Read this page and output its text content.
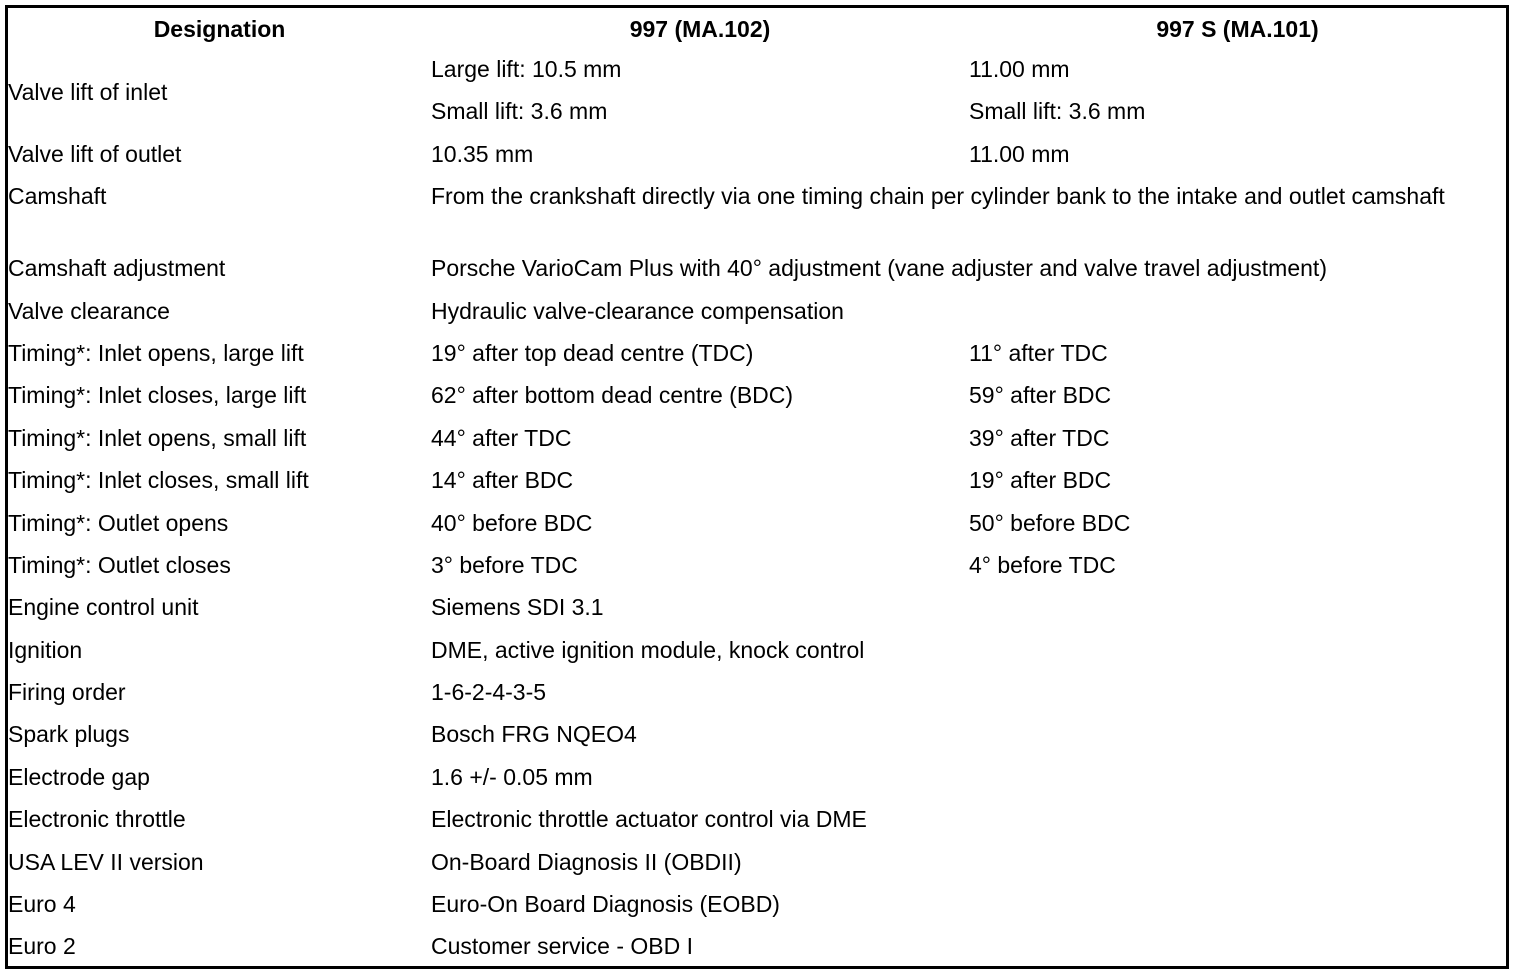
Designation	997 (MA.102)	997 S (MA.101)
Valve lift of inlet	Large lift: 10.5 mm	11.00 mm
	Small lift: 3.6 mm	Small lift: 3.6 mm
Valve lift of outlet	10.35 mm	11.00 mm
Camshaft	From the crankshaft directly via one timing chain per cylinder bank to the intake and outlet camshaft	
Camshaft adjustment	Porsche VarioCam Plus with 40° adjustment (vane adjuster and valve travel adjustment)	
Valve clearance	Hydraulic valve-clearance compensation	
Timing*: Inlet opens, large lift	19° after top dead centre (TDC)	11° after TDC
Timing*: Inlet closes, large lift	62° after bottom dead centre (BDC)	59° after BDC
Timing*: Inlet opens, small lift	44° after TDC	39° after TDC
Timing*: Inlet closes, small lift	14° after BDC	19° after BDC
Timing*: Outlet opens	40° before BDC	50° before BDC
Timing*: Outlet closes	3° before TDC	4° before TDC
Engine control unit	Siemens SDI 3.1	
Ignition	DME, active ignition module, knock control	
Firing order	1-6-2-4-3-5	
Spark plugs	Bosch FRG NQEO4	
Electrode gap	1.6 +/- 0.05 mm	
Electronic throttle	Electronic throttle actuator control via DME	
USA LEV II version	On-Board Diagnosis II (OBDII)	
Euro 4	Euro-On Board Diagnosis (EOBD)	
Euro 2	Customer service - OBD I	
